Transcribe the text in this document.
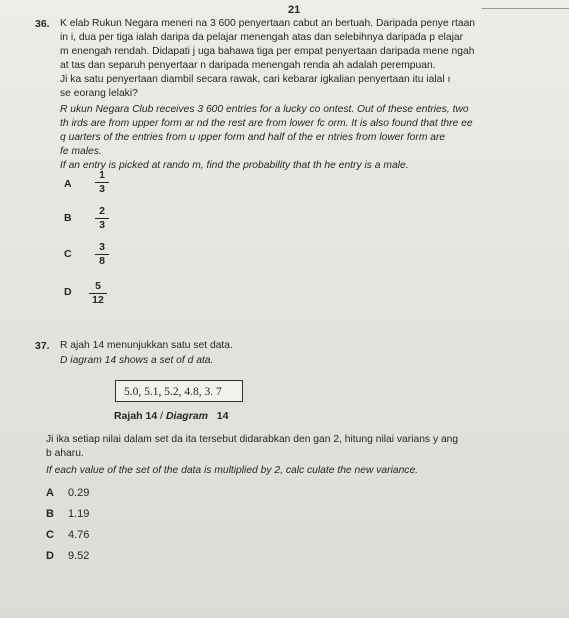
21
36. K elab Rukun Negara meneri na 3 600 penyertaan cabut an bertuah. Daripada penye rtaan
in i, dua per tiga ialah daripa da pelajar menengah atas dan selebihnya daripada p elajar
m enengah rendah. Didapati j uga bahawa tiga per empat penyertaan daripada mene ngah
at tas dan separuh penyertaar n daripada menengah renda ah adalah perempuan.
Ji ka satu penyertaan diambil secara rawak, cari kebarar igkalian penyertaan itu ialal ı
se eorang lelaki?
R ukun Negara Club receives 3 600 entries for a lucky co ontest. Out of these entries, two
th irds are from upper form ar nd the rest are from lower fc orm. It is also found that thre ee
q uarters of the entries from u ıpper form and half of the er ntries from lower form are
fe males.
If an entry is picked at rando m, find the probability that th he entry is a male.
A
1
3
B
2
3
C
3
8
D 5
12
37. R ajah 14 menunjukkan satu set data.
D iagram 14 shows a set of d ata.
5.0, 5.1, 5.2, 4.8, 3. 7
Rajah 14 / Diagram 14
Ji ika setiap nilai dalam set da ita tersebut didarabkan den gan 2, hitung nilai varians y ang
b aharu.
If each value of the set of the data is multiplied by 2, calc culate the new variance.
A 0.29
B 1.19
C 4.76
D 9.52
